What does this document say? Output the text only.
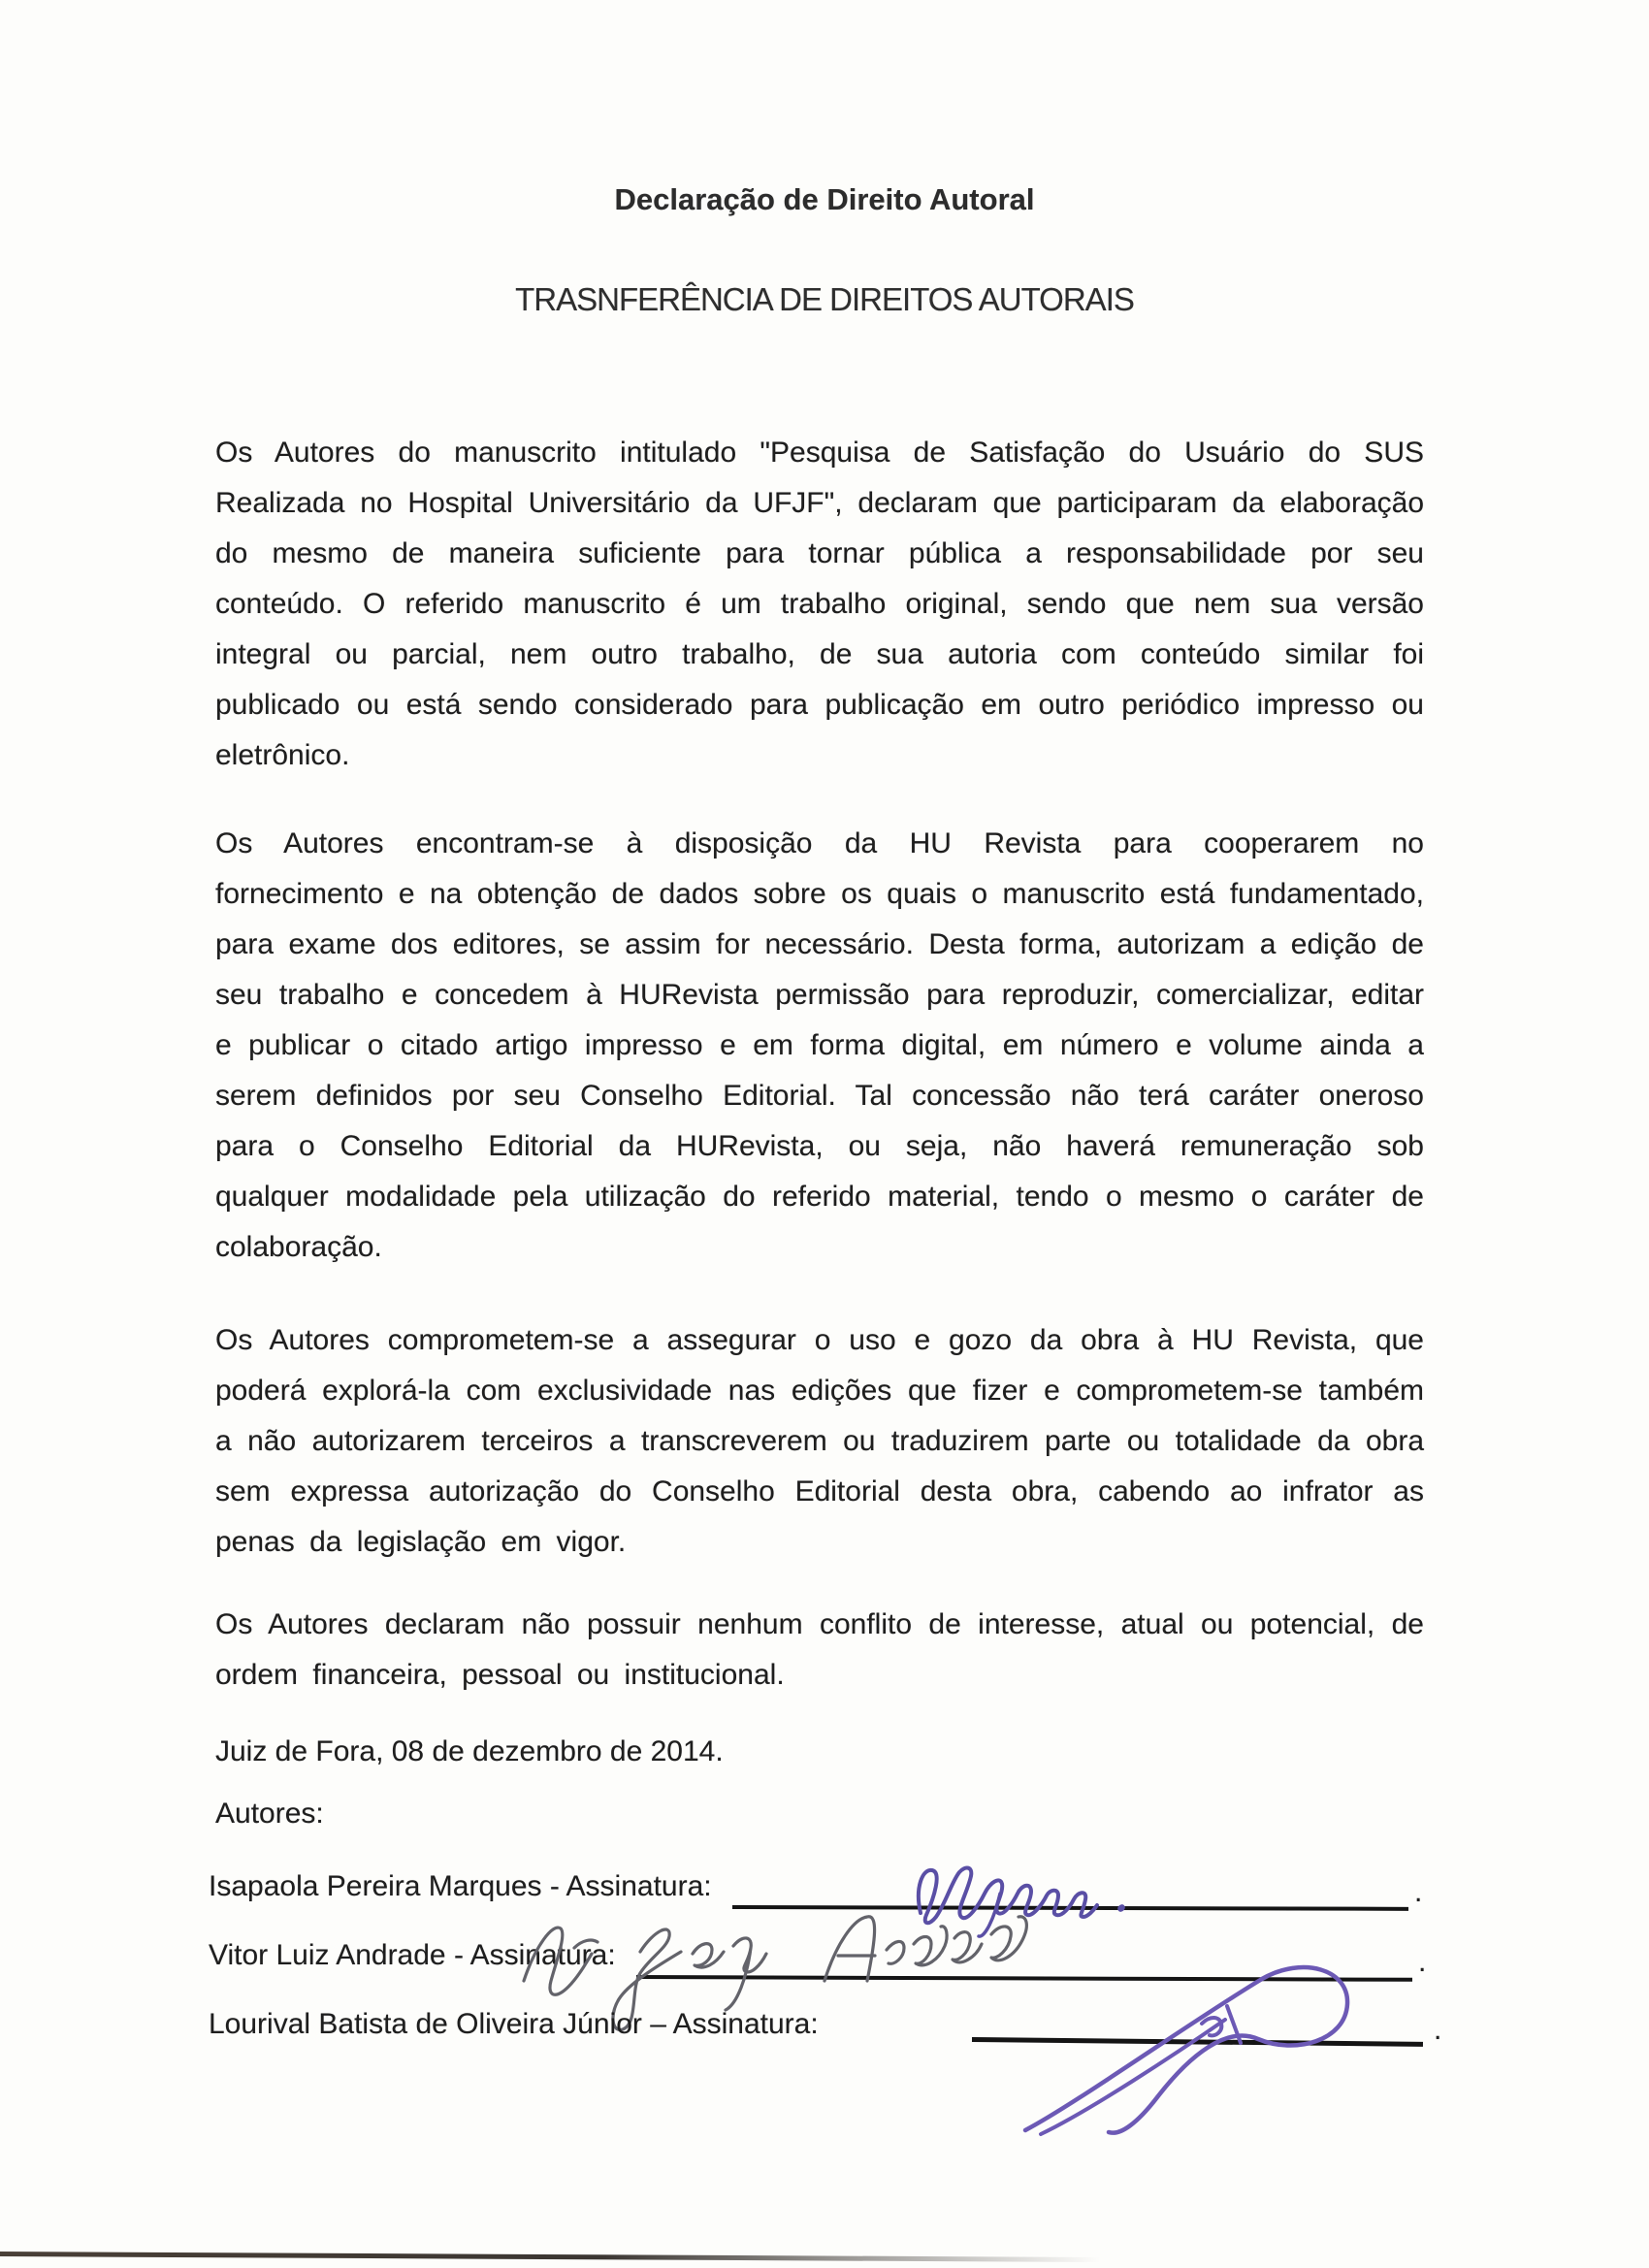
Declaração de Direito Autoral
TRASNFERÊNCIA DE DIREITOS AUTORAIS

Os Autores do manuscrito intitulado "Pesquisa de Satisfação do Usuário do SUS Realizada no Hospital Universitário da UFJF", declaram que participaram da elaboração do mesmo de maneira suficiente para tornar pública a responsabilidade por seu conteúdo. O referido manuscrito é um trabalho original, sendo que nem sua versão integral ou parcial, nem outro trabalho, de sua autoria com conteúdo similar foi publicado ou está sendo considerado para publicação em outro periódico impresso ou eletrônico.

Os Autores encontram-se à disposição da HU Revista para cooperarem no fornecimento e na obtenção de dados sobre os quais o manuscrito está fundamentado, para exame dos editores, se assim for necessário. Desta forma, autorizam a edição de seu trabalho e concedem à HURevista permissão para reproduzir, comercializar, editar e publicar o citado artigo impresso e em forma digital, em número e volume ainda a serem definidos por seu Conselho Editorial. Tal concessão não terá caráter oneroso para o Conselho Editorial da HURevista, ou seja, não haverá remuneração sob qualquer modalidade pela utilização do referido material, tendo o mesmo o caráter de colaboração.

Os Autores comprometem-se a assegurar o uso e gozo da obra à HU Revista, que poderá explorá-la com exclusividade nas edições que fizer e comprometem-se também a não autorizarem terceiros a transcreverem ou traduzirem parte ou totalidade da obra sem expressa autorização do Conselho Editorial desta obra, cabendo ao infrator as penas da legislação em vigor.

Os Autores declaram não possuir nenhum conflito de interesse, atual ou potencial, de ordem financeira, pessoal ou institucional.

Juiz de Fora, 08 de dezembro de 2014.

Autores:

Isapaola Pereira Marques - Assinatura:	.

Vitor Luiz Andrade - Assinatura:	.

Lourival Batista de Oliveira Júnior – Assinatura:	.
